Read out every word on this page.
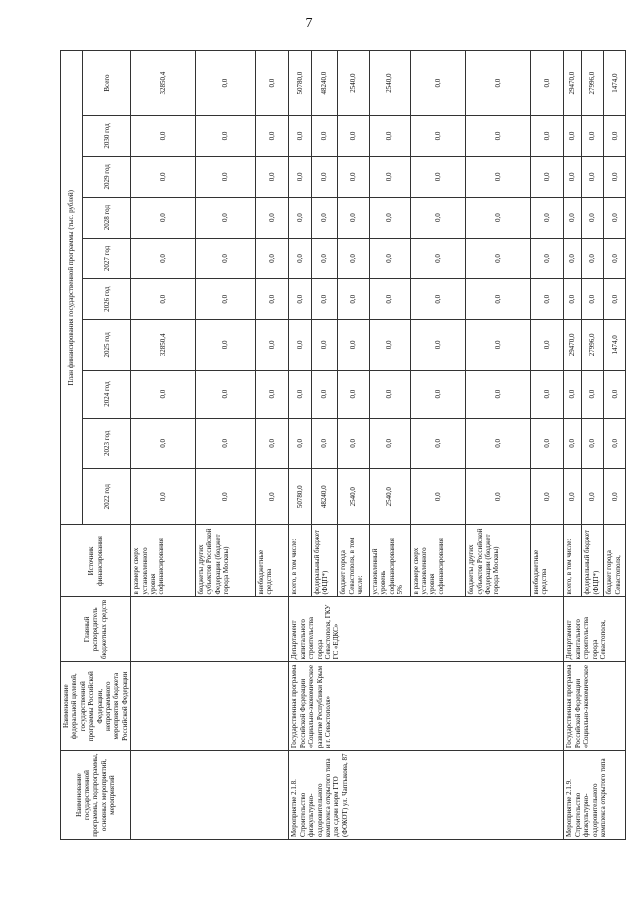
7
Наименование государственной программы, подпрограммы, основных мероприятий, мероприятий	Наименование федеральной целевой, государственной программы Российской Федерации, непрограммного мероприятия бюджета Российской Федерации	Главный распорядитель бюджетных средств	Источник финансирования	План финансирования государственной программы (тыс. рублей)									
				2022 год	2023 год	2024 год	2025 год	2026 год	2027 год	2028 год	2029 год	2030 год	Всего
			в размере сверх установленного уровня софинансирования	0,0	0,0	0,0	32850,4	0,0	0,0	0,0	0,0	0,0	32850,4
			бюджеты других субъектов Российской Федерации (бюджет города Москвы)	0,0	0,0	0,0	0,0	0,0	0,0	0,0	0,0	0,0	0,0
			внебюджетные средства	0,0	0,0	0,0	0,0	0,0	0,0	0,0	0,0	0,0	0,0
Мероприятие 2.1.8. Строительство физкультурно-оздоровительного комплекса открытого типа для сдачи норм ГТО (ФОКОТ) ул. Чаптыкова, 87	Государственная программа Российской Федерации «Социально-экономическое развитие Республики Крым и г. Севастополя»	Департамент капитального строительства города Севастополя, ГКУ ГС «ЕДКС»	всего, в том числе:	50780,0	0,0	0,0	0,0	0,0	0,0	0,0	0,0	0,0	50780,0
			федеральный бюджет (ФЦП*)	48240,0	0,0	0,0	0,0	0,0	0,0	0,0	0,0	0,0	48240,0
			бюджет города Севастополя, в том числе:	2540,0	0,0	0,0	0,0	0,0	0,0	0,0	0,0	0,0	2540,0
			установленный уровень софинансирования 5%	2540,0	0,0	0,0	0,0	0,0	0,0	0,0	0,0	0,0	2540,0
			в размере сверх установленного уровня софинансирования	0,0	0,0	0,0	0,0	0,0	0,0	0,0	0,0	0,0	0,0
			бюджеты других субъектов Российской Федерации (бюджет города Москвы)	0,0	0,0	0,0	0,0	0,0	0,0	0,0	0,0	0,0	0,0
			внебюджетные средства	0,0	0,0	0,0	0,0	0,0	0,0	0,0	0,0	0,0	0,0
Мероприятие 2.1.9. Строительство физкультурно-оздоровительного комплекса открытого типа	Государственная программа Российской Федерации «Социально-экономическое	Департамент капитального строительства города Севастополя,	всего, в том числе:	0,0	0,0	0,0	29470,0	0,0	0,0	0,0	0,0	0,0	29470,0
			федеральный бюджет (ФЦП*)	0,0	0,0	0,0	27996,0	0,0	0,0	0,0	0,0	0,0	27996,0
			бюджет города Севастополя,	0,0	0,0	0,0	1474,0	0,0	0,0	0,0	0,0	0,0	1474,0
